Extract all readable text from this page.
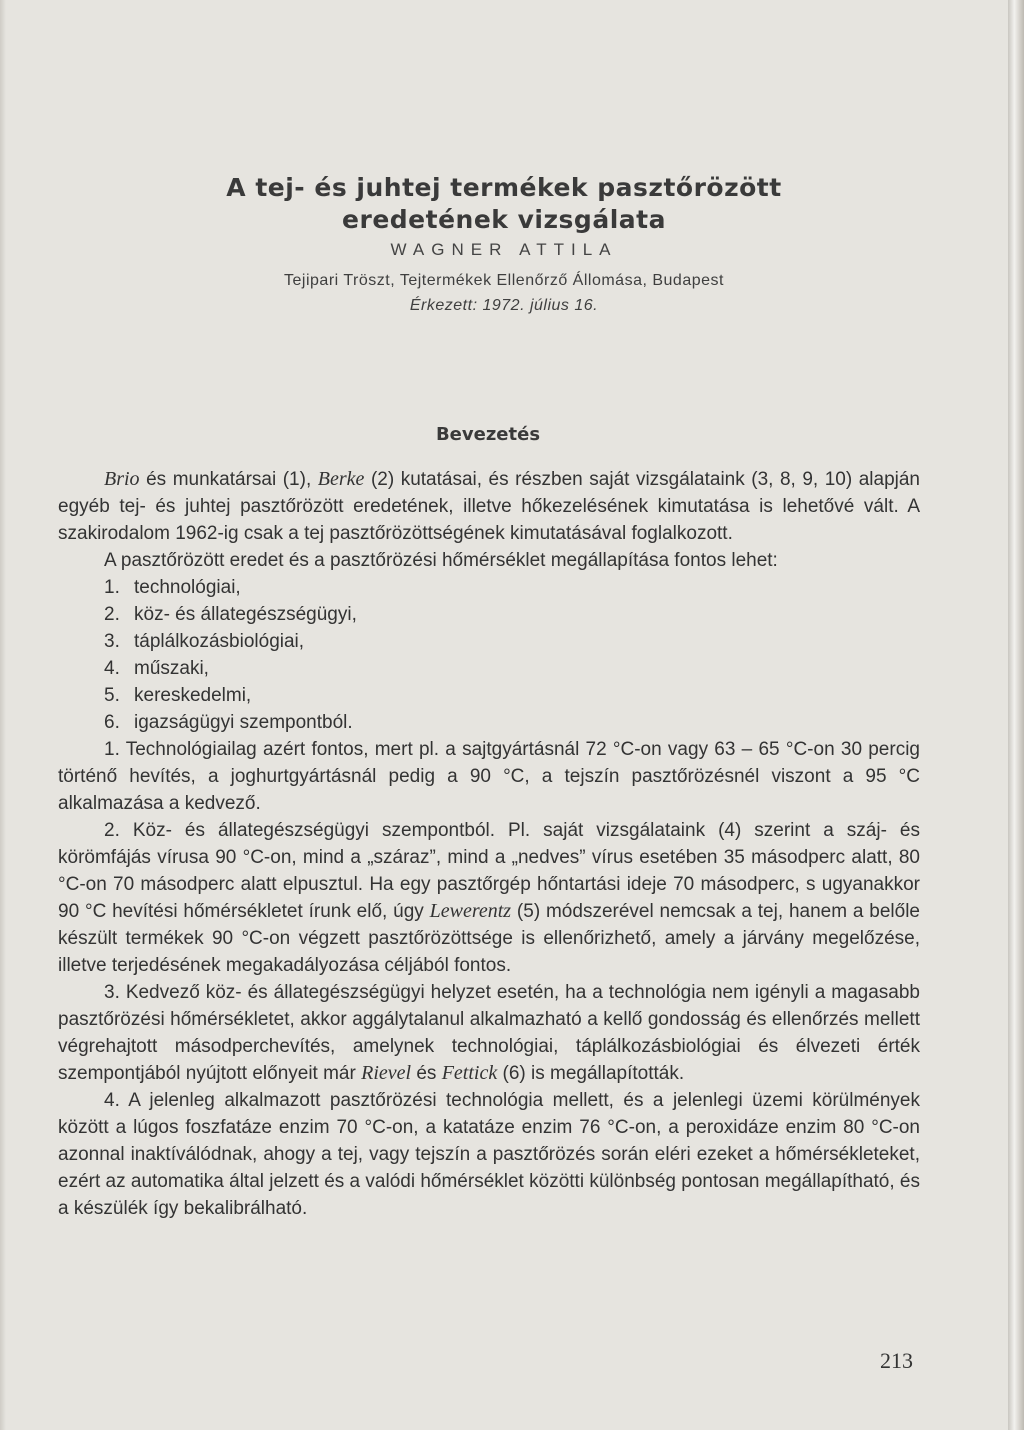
A tej- és juhtej termékek pasztőrözött
eredetének vizsgálata
WAGNER ATTILA
Tejipari Tröszt, Tejtermékek Ellenőrző Állomása, Budapest
Érkezett: 1972. július 16.
Bevezetés

Brio és munkatársai (1), Berke (2) kutatásai, és részben saját vizsgálataink (3, 8, 9, 10) alapján egyéb tej- és juhtej pasztőrözött eredetének, illetve hőkezelésének kimutatása is lehetővé vált. A szakirodalom 1962-ig csak a tej pasztőrözöttségének kimutatásával foglalkozott.

A pasztőrözött eredet és a pasztőrözési hőmérséklet megállapítása fontos lehet:

1. technológiai,
2. köz- és állategészségügyi,
3. táplálkozásbiológiai,
4. műszaki,
5. kereskedelmi,
6. igazságügyi szempontból.

1. Technológiailag azért fontos, mert pl. a sajtgyártásnál 72 °C-on vagy 63 – 65 °C-on 30 percig történő hevítés, a joghurtgyártásnál pedig a 90 °C, a tejszín pasztőrözésnél viszont a 95 °C alkalmazása a kedvező.

2. Köz- és állategészségügyi szempontból. Pl. saját vizsgálataink (4) szerint a száj- és körömfájás vírusa 90 °C-on, mind a „száraz”, mind a „nedves” vírus esetében 35 másodperc alatt, 80 °C-on 70 másodperc alatt elpusztul. Ha egy pasztőrgép hőntartási ideje 70 másodperc, s ugyanakkor 90 °C hevítési hőmérsékletet írunk elő, úgy Lewerentz (5) módszerével nemcsak a tej, hanem a belőle készült termékek 90 °C-on végzett pasztőrözöttsége is ellenőrizhető, amely a járvány megelőzése, illetve terjedésének megakadályozása céljából fontos.

3. Kedvező köz- és állategészségügyi helyzet esetén, ha a technológia nem igényli a magasabb pasztőrözési hőmérsékletet, akkor aggálytalanul alkalmazható a kellő gondosság és ellenőrzés mellett végrehajtott másodperchevítés, amelynek technológiai, táplálkozásbiológiai és élvezeti érték szempontjából nyújtott előnyeit már Rievel és Fettick (6) is megállapították.

4. A jelenleg alkalmazott pasztőrözési technológia mellett, és a jelenlegi üzemi körülmények között a lúgos foszfatáze enzim 70 °C-on, a katatáze enzim 76 °C-on, a peroxidáze enzim 80 °C-on azonnal inaktíválódnak, ahogy a tej, vagy tejszín a pasztőrözés során eléri ezeket a hőmérsékleteket, ezért az automatika által jelzett és a valódi hőmérséklet közötti különbség pontosan megállapítható, és a készülék így bekalibrálható.

213
